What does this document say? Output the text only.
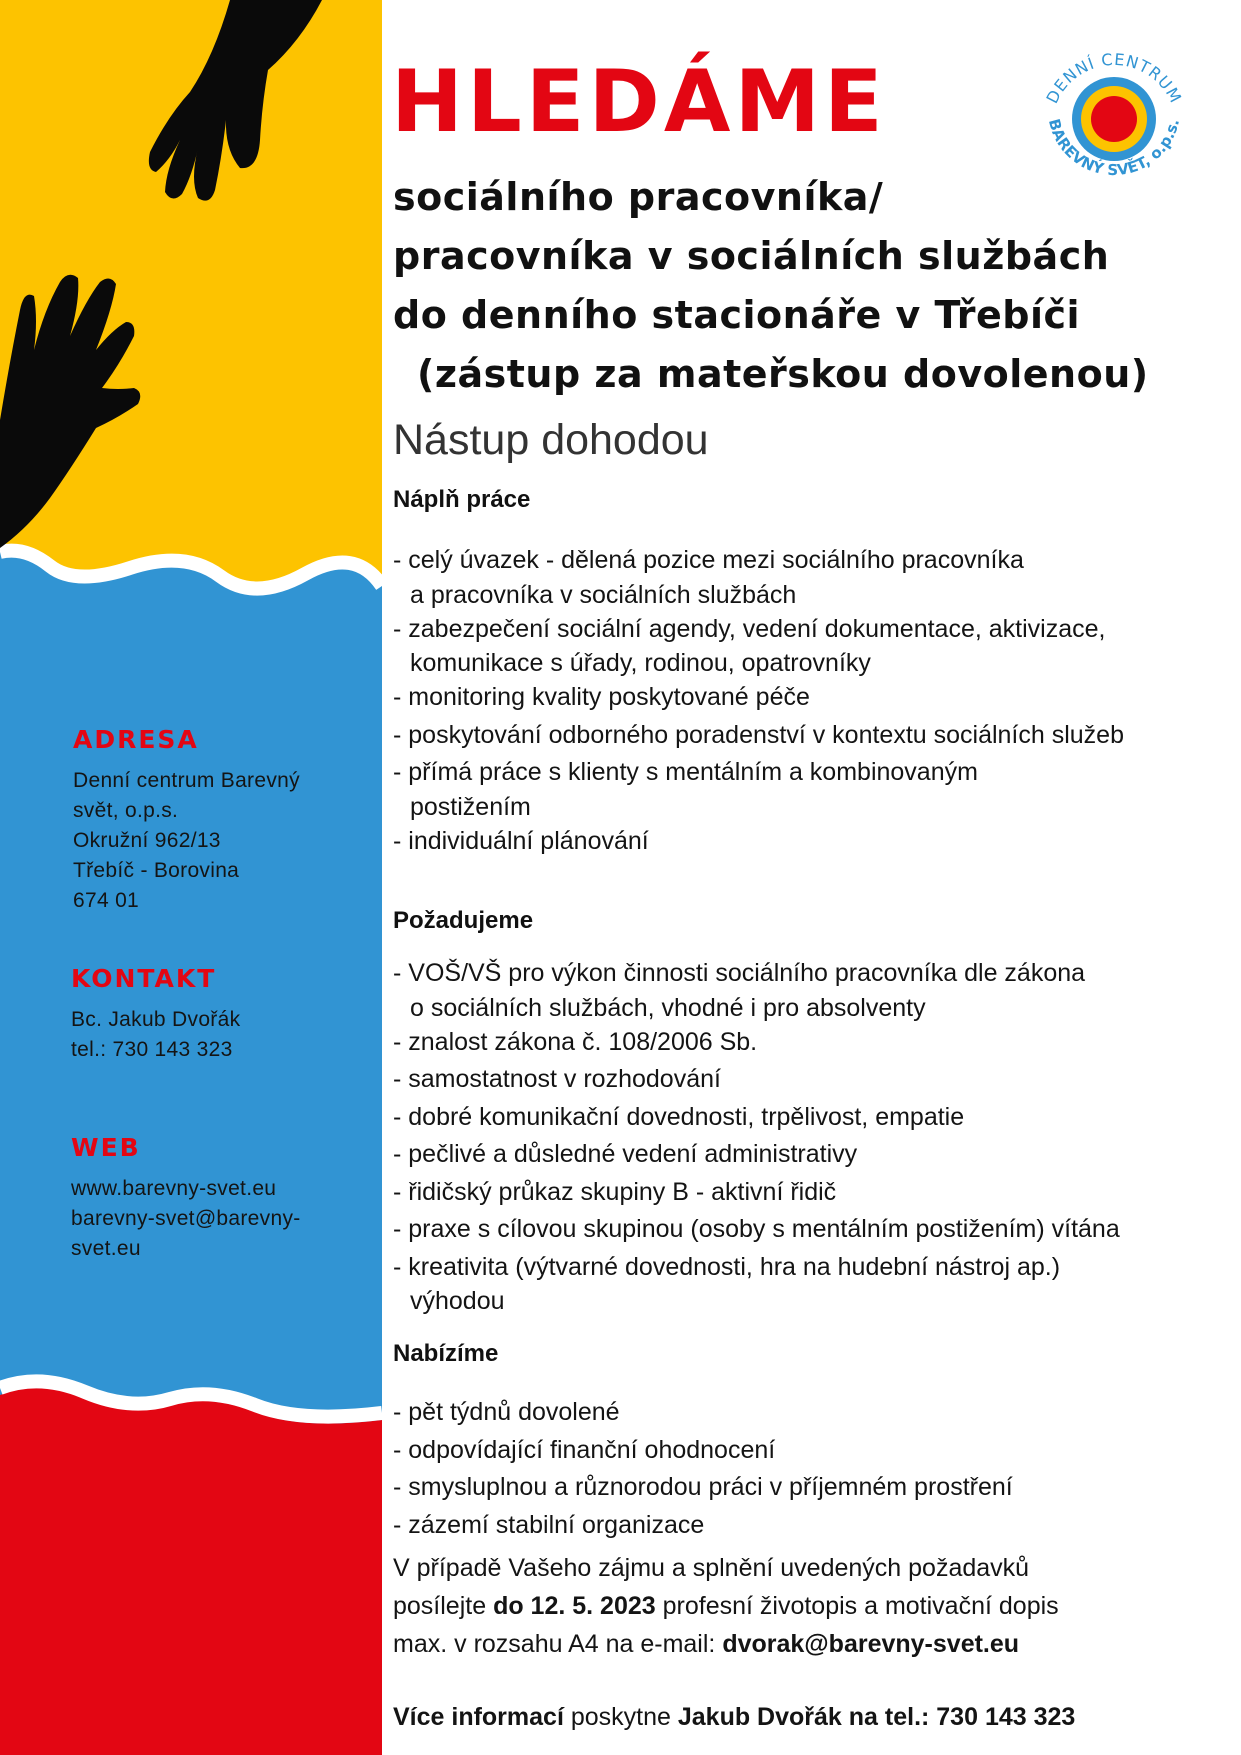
ADRESA
Denní centrum Barevný
svět, o.p.s.
Okružní 962/13
Třebíč - Borovina
674 01
KONTAKT
Bc. Jakub Dvořák
tel.: 730 143 323
WEB
www.barevny-svet.eu
barevny-svet@barevny-
svet.eu
DENNÍ CENTRUM
BAREVNÝ SVĚT, o.p.s.
HLEDÁME
sociálního pracovníka/
pracovníka v sociálních službách
do denního stacionáře v Třebíči
(zástup za mateřskou dovolenou)
Nástup dohodou
Náplň práce
- celý úvazek - dělená pozice mezi sociálního pracovníka
a pracovníka v sociálních službách
- zabezpečení sociální agendy, vedení dokumentace, aktivizace,
komunikace s úřady, rodinou, opatrovníky
- monitoring kvality poskytované péče
- poskytování odborného poradenství v kontextu sociálních služeb
- přímá práce s klienty s mentálním a kombinovaným
postižením
- individuální plánování
Požadujeme
- VOŠ/VŠ pro výkon činnosti sociálního pracovníka dle zákona
o sociálních službách, vhodné i pro absolventy
- znalost zákona č. 108/2006 Sb.
- samostatnost v rozhodování
- dobré komunikační dovednosti, trpělivost, empatie
- pečlivé a důsledné vedení administrativy
- řidičský průkaz skupiny B - aktivní řidič
- praxe s cílovou skupinou (osoby s mentálním postižením) vítána
- kreativita (výtvarné dovednosti, hra na hudební nástroj ap.)
výhodou
Nabízíme
- pět týdnů dovolené
- odpovídající finanční ohodnocení
- smysluplnou a různorodou práci v příjemném prostření
- zázemí stabilní organizace
V případě Vašeho zájmu a splnění uvedených požadavků
posílejte do 12. 5. 2023 profesní životopis a motivační dopis
max. v rozsahu A4 na e-mail: dvorak@barevny-svet.eu
Více informací poskytne Jakub Dvořák na tel.: 730 143 323
